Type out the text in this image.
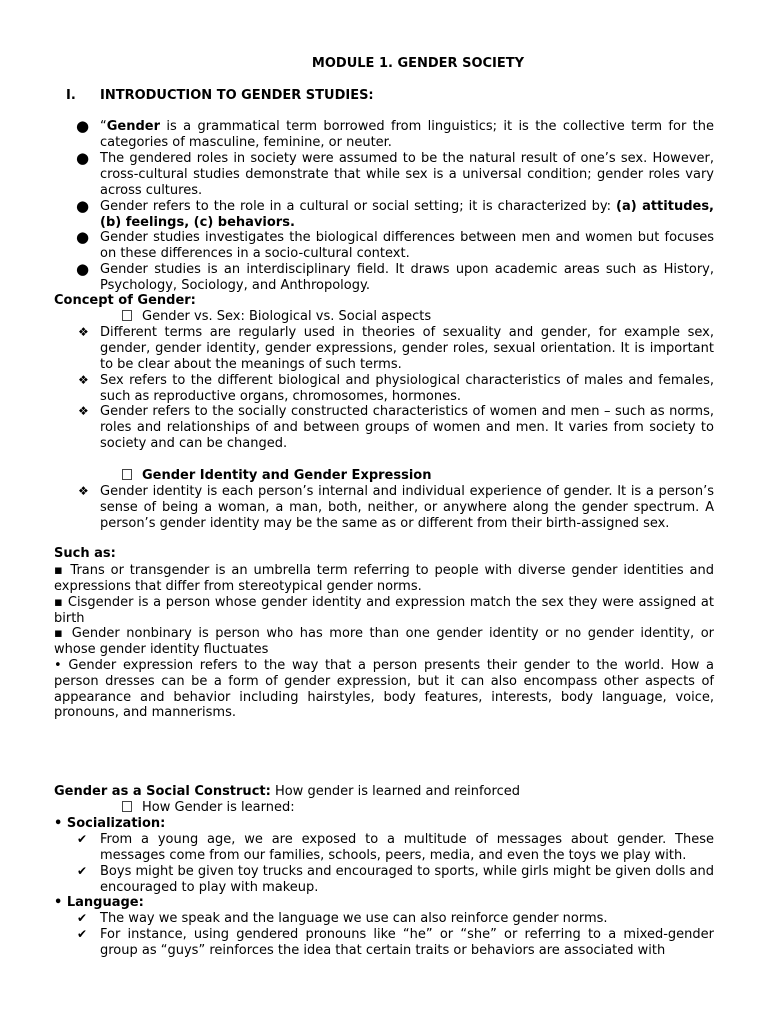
MODULE 1. GENDER SOCIETY
I. INTRODUCTION TO GENDER STUDIES:
● “Gender is a grammatical term borrowed from linguistics; it is the collective term for the categories of masculine, feminine, or neuter.

● The gendered roles in society were assumed to be the natural result of one’s sex. However, cross-cultural studies demonstrate that while sex is a universal condition; gender roles vary across cultures.

● Gender refers to the role in a cultural or social setting; it is characterized by: (a) attitudes, (b) feelings, (c) behaviors.

● Gender studies investigates the biological differences between men and women but focuses on these differences in a socio-cultural context.

● Gender studies is an interdisciplinary field. It draws upon academic areas such as History, Psychology, Sociology, and Anthropology.

Concept of Gender:

Gender vs. Sex: Biological vs. Social aspects
❖ Different terms are regularly used in theories of sexuality and gender, for example sex, gender, gender identity, gender expressions, gender roles, sexual orientation. It is important to be clear about the meanings of such terms.

❖ Sex refers to the different biological and physiological characteristics of males and females, such as reproductive organs, chromosomes, hormones.

❖ Gender refers to the socially constructed characteristics of women and men – such as norms, roles and relationships of and between groups of women and men. It varies from society to society and can be changed.

Gender Identity and Gender Expression
❖ Gender identity is each person’s internal and individual experience of gender. It is a person’s sense of being a woman, a man, both, neither, or anywhere along the gender spectrum. A person’s gender identity may be the same as or different from their birth-assigned sex.

Such as:

▪ Trans or transgender is an umbrella term referring to people with diverse gender identities and expressions that differ from stereotypical gender norms.

▪ Cisgender is a person whose gender identity and expression match the sex they were assigned at birth

▪ Gender nonbinary is person who has more than one gender identity or no gender identity, or whose gender identity fluctuates

• Gender expression refers to the way that a person presents their gender to the world. How a person dresses can be a form of gender expression, but it can also encompass other aspects of appearance and behavior including hairstyles, body features, interests, body language, voice, pronouns, and mannerisms.

Gender as a Social Construct: How gender is learned and reinforced

How Gender is learned:

• Socialization:

✔ From a young age, we are exposed to a multitude of messages about gender. These messages come from our families, schools, peers, media, and even the toys we play with.

✔ Boys might be given toy trucks and encouraged to sports, while girls might be given dolls and encouraged to play with makeup.

• Language:

✔ The way we speak and the language we use can also reinforce gender norms.

✔ For instance, using gendered pronouns like “he” or “she” or referring to a mixed-gender group as “guys” reinforces the idea that certain traits or behaviors are associated with
